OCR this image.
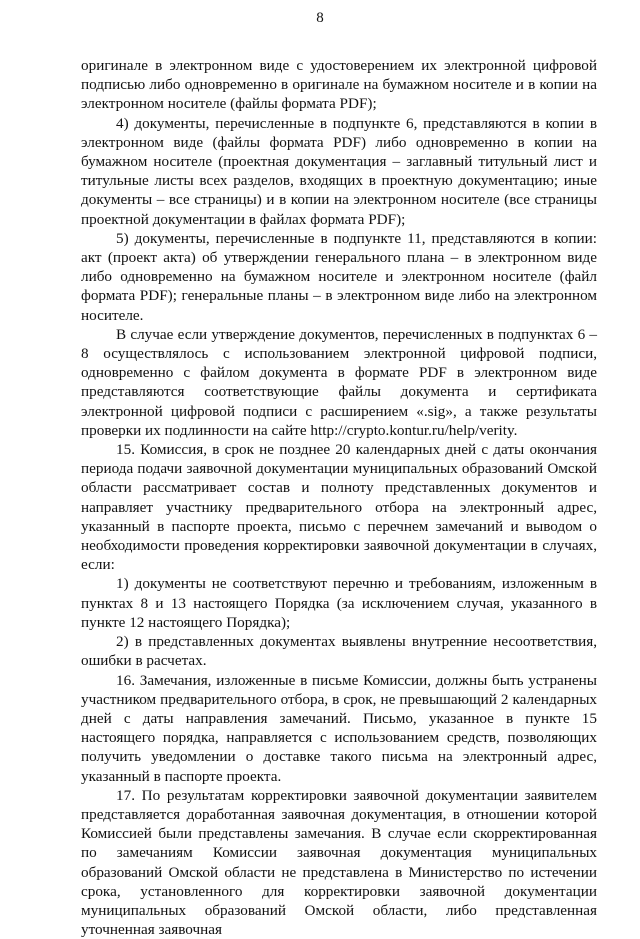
8

оригинале в электронном виде с удостоверением их электронной цифровой подписью либо одновременно в оригинале на бумажном носителе и в копии на электронном носителе (файлы формата PDF);

4) документы, перечисленные в подпункте 6, представляются в копии в электронном виде (файлы формата PDF) либо одновременно в копии на бумажном носителе (проектная документация – заглавный титульный лист и титульные листы всех разделов, входящих в проектную документацию; иные документы – все страницы) и в копии на электронном носителе (все страницы проектной документации в файлах формата PDF);

5) документы, перечисленные в подпункте 11, представляются в копии: акт (проект акта) об утверждении генерального плана – в электронном виде либо одновременно на бумажном носителе и электронном носителе (файл формата PDF); генеральные планы – в электронном виде либо на электронном носителе.

В случае если утверждение документов, перечисленных в подпунктах 6 – 8 осуществлялось с использованием электронной цифровой подписи, одновременно с файлом документа в формате PDF в электронном виде представляются соответствующие файлы документа и сертификата электронной цифровой подписи с расширением «.sig», а также результаты проверки их подлинности на сайте http://crypto.kontur.ru/help/verity.

15. Комиссия, в срок не позднее 20 календарных дней с даты окончания периода подачи заявочной документации муниципальных образований Омской области рассматривает состав и полноту представленных документов и направляет участнику предварительного отбора на электронный адрес, указанный в паспорте проекта, письмо с перечнем замечаний и выводом о необходимости проведения корректировки заявочной документации в случаях, если:

1) документы не соответствуют перечню и требованиям, изложенным в пунктах 8 и 13 настоящего Порядка (за исключением случая, указанного в пункте 12 настоящего Порядка);

2) в представленных документах выявлены внутренние несоответствия, ошибки в расчетах.

16. Замечания, изложенные в письме Комиссии, должны быть устранены участником предварительного отбора, в срок, не превышающий 2 календарных дней с даты направления замечаний. Письмо, указанное в пункте 15 настоящего порядка, направляется с использованием средств, позволяющих получить уведомлении о доставке такого письма на электронный адрес, указанный в паспорте проекта.

17. По результатам корректировки заявочной документации заявителем представляется доработанная заявочная документация, в отношении которой Комиссией были представлены замечания. В случае если скорректированная по замечаниям Комиссии заявочная документация муниципальных образований Омской области не представлена в Министерство по истечении срока, установленного для корректировки заявочной документации муниципальных образований Омской области, либо представленная уточненная заявочная
